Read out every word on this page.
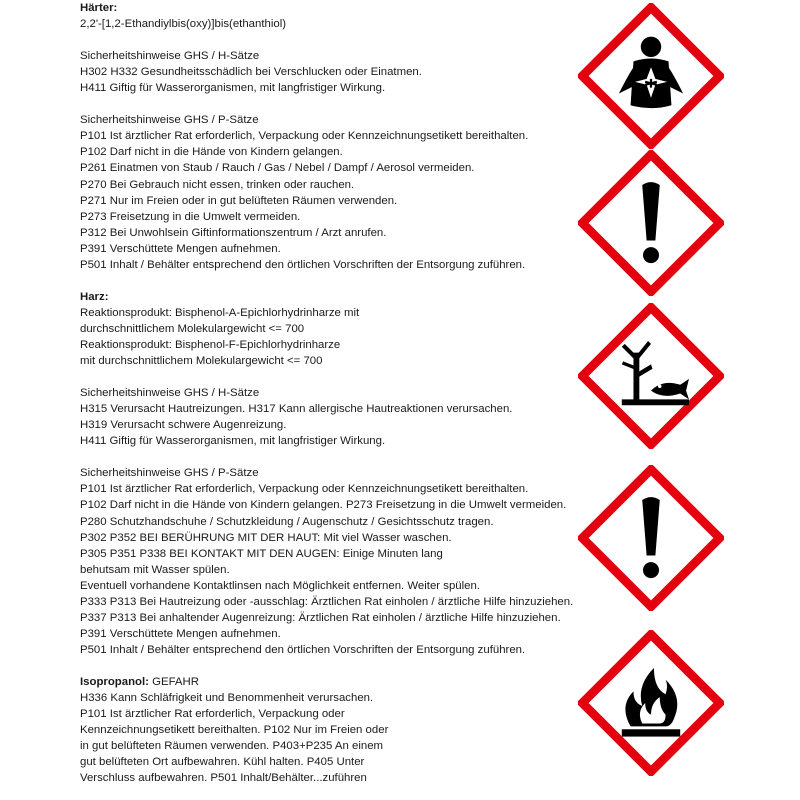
Härter:
2,2'-[1,2-Ethandiylbis(oxy)]bis(ethanthiol)
Sicherheitshinweise GHS / H-Sätze
H302 H332 Gesundheitsschädlich bei Verschlucken oder Einatmen.
H411 Giftig für Wasserorganismen, mit langfristiger Wirkung.
Sicherheitshinweise GHS / P-Sätze
P101 Ist ärztlicher Rat erforderlich, Verpackung oder Kennzeichnungsetikett bereithalten.
P102 Darf nicht in die Hände von Kindern gelangen.
P261 Einatmen von Staub / Rauch / Gas / Nebel / Dampf / Aerosol vermeiden.
P270 Bei Gebrauch nicht essen, trinken oder rauchen.
P271 Nur im Freien oder in gut belüfteten Räumen verwenden.
P273 Freisetzung in die Umwelt vermeiden.
P312 Bei Unwohlsein Giftinformationszentrum / Arzt anrufen.
P391 Verschüttete Mengen aufnehmen.
P501 Inhalt / Behälter entsprechend den örtlichen Vorschriften der Entsorgung zuführen.
Harz:
Reaktionsprodukt: Bisphenol-A-Epichlorhydrinharze mit
durchschnittlichem Molekulargewicht <= 700
Reaktionsprodukt: Bisphenol-F-Epichlorhydrinharze
mit durchschnittlichem Molekulargewicht <= 700
Sicherheitshinweise GHS / H-Sätze
H315 Verursacht Hautreizungen. H317 Kann allergische Hautreaktionen verursachen.
H319 Verursacht schwere Augenreizung.
H411 Giftig für Wasserorganismen, mit langfristiger Wirkung.
Sicherheitshinweise GHS / P-Sätze
P101 Ist ärztlicher Rat erforderlich, Verpackung oder Kennzeichnungsetikett bereithalten.
P102 Darf nicht in die Hände von Kindern gelangen. P273 Freisetzung in die Umwelt vermeiden.
P280 Schutzhandschuhe / Schutzkleidung / Augenschutz / Gesichtsschutz tragen.
P302 P352 BEI BERÜHRUNG MIT DER HAUT: Mit viel Wasser waschen.
P305 P351 P338 BEI KONTAKT MIT DEN AUGEN: Einige Minuten lang
behutsam mit Wasser spülen.
Eventuell vorhandene Kontaktlinsen nach Möglichkeit entfernen. Weiter spülen.
P333 P313 Bei Hautreizung oder -ausschlag: Ärztlichen Rat einholen / ärztliche Hilfe hinzuziehen.
P337 P313 Bei anhaltender Augenreizung: Ärztlichen Rat einholen / ärztliche Hilfe hinzuziehen.
P391 Verschüttete Mengen aufnehmen.
P501 Inhalt / Behälter entsprechend den örtlichen Vorschriften der Entsorgung zuführen.
Isopropanol: GEFAHR
H336 Kann Schläfrigkeit und Benommenheit verursachen.
P101 Ist ärztlicher Rat erforderlich, Verpackung oder
Kennzeichnungsetikett bereithalten. P102 Nur im Freien oder
in gut belüfteten Räumen verwenden. P403+P235 An einem
gut belüfteten Ort aufbewahren. Kühl halten. P405 Unter
Verschluss aufbewahren. P501 Inhalt/Behälter...zuführen
